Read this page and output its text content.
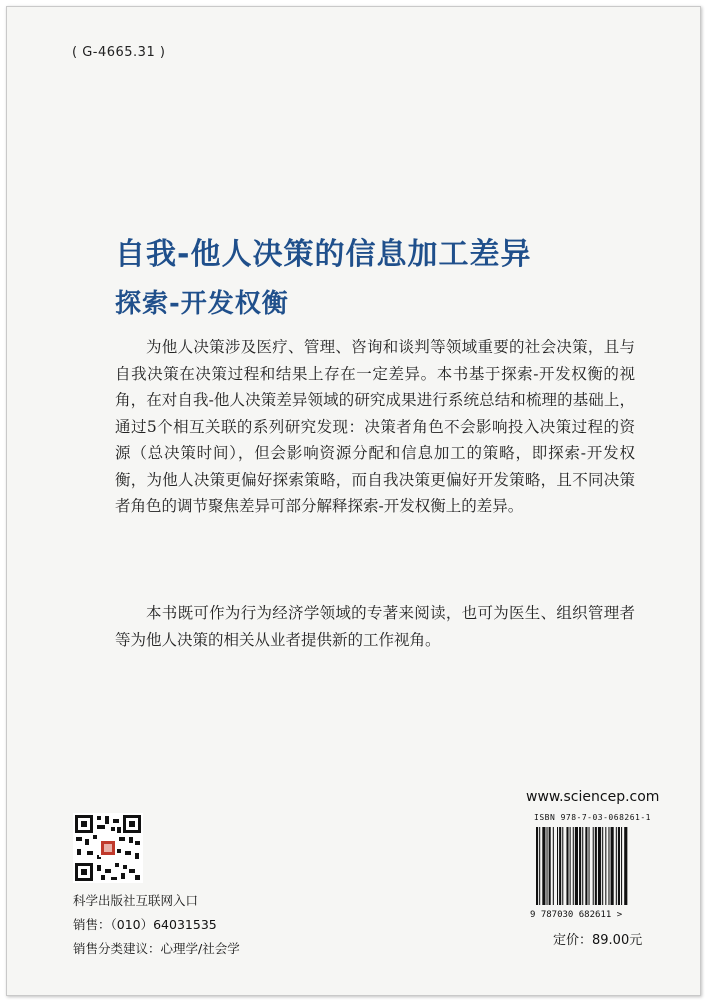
( G-4665.31 )
自我-他人决策的信息加工差异
探索-开发权衡

为他人决策涉及医疗、管理、咨询和谈判等领域重要的社会决策，且与自我决策在决策过程和结果上存在一定差异。本书基于探索-开发权衡的视角，在对自我-他人决策差异领域的研究成果进行系统总结和梳理的基础上，通过5个相互关联的系列研究发现：决策者角色不会影响投入决策过程的资源（总决策时间），但会影响资源分配和信息加工的策略，即探索-开发权衡，为他人决策更偏好探索策略，而自我决策更偏好开发策略，且不同决策者角色的调节聚焦差异可部分解释探索-开发权衡上的差异。

本书既可作为行为经济学领域的专著来阅读，也可为医生、组织管理者等为他人决策的相关从业者提供新的工作视角。

科学出版社互联网入口
销售：（010）64031535
销售分类建议：心理学/社会学
www.sciencep.com
ISBN 978-7-03-068261-1
9 787030 682611 >
定价：89.00元
